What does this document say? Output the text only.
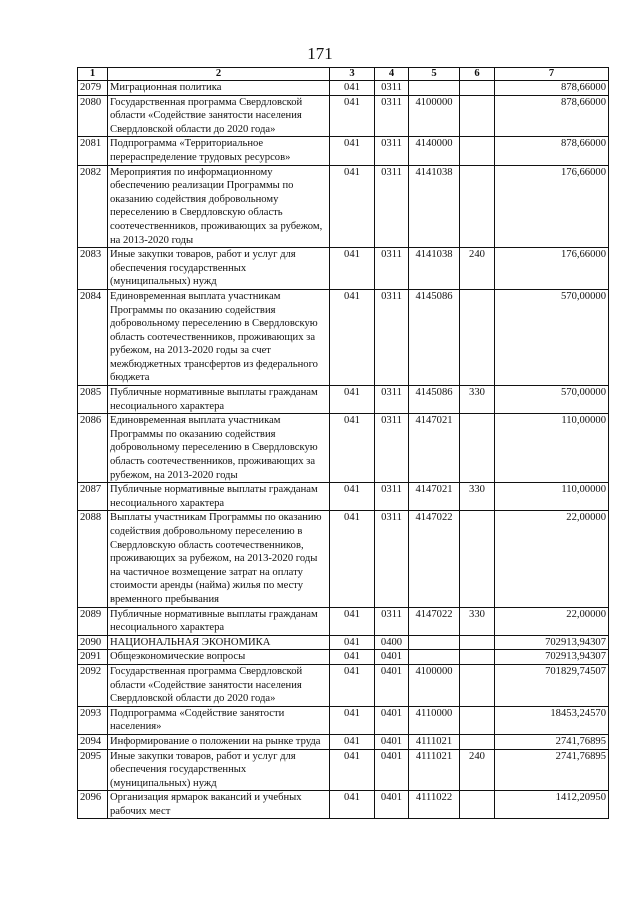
171
1	2	3	4	5	6	7
2079	Миграционная политика	041	0311			878,66000
2080	Государственная программа Свердловской области «Содействие занятости населения Свердловской области до 2020 года»	041	0311	4100000		878,66000
2081	Подпрограмма «Территориальное перераспределение трудовых ресурсов»	041	0311	4140000		878,66000
2082	Мероприятия по информационному обеспечению реализации Программы по оказанию содействия добровольному переселению в Свердловскую область соотечественников, проживающих за рубежом, на 2013-2020 годы	041	0311	4141038		176,66000
2083	Иные закупки товаров, работ и услуг для обеспечения государственных (муниципальных) нужд	041	0311	4141038	240	176,66000
2084	Единовременная выплата участникам Программы по оказанию содействия добровольному переселению в Свердловскую область соотечественников, проживающих за рубежом, на 2013-2020 годы за счет межбюджетных трансфертов из федерального бюджета	041	0311	4145086		570,00000
2085	Публичные нормативные выплаты гражданам несоциального характера	041	0311	4145086	330	570,00000
2086	Единовременная выплата участникам Программы по оказанию содействия добровольному переселению в Свердловскую область соотечественников, проживающих за рубежом, на 2013-2020 годы	041	0311	4147021		110,00000
2087	Публичные нормативные выплаты гражданам несоциального характера	041	0311	4147021	330	110,00000
2088	Выплаты участникам Программы по оказанию содействия добровольному переселению в Свердловскую область соотечественников, проживающих за рубежом, на 2013-2020 годы на частичное возмещение затрат на оплату стоимости аренды (найма) жилья по месту временного пребывания	041	0311	4147022		22,00000
2089	Публичные нормативные выплаты гражданам несоциального характера	041	0311	4147022	330	22,00000
2090	НАЦИОНАЛЬНАЯ ЭКОНОМИКА	041	0400			702913,94307
2091	Общеэкономические вопросы	041	0401			702913,94307
2092	Государственная программа Свердловской области «Содействие занятости населения Свердловской области до 2020 года»	041	0401	4100000		701829,74507
2093	Подпрограмма «Содействие занятости населения»	041	0401	4110000		18453,24570
2094	Информирование о положении на рынке труда	041	0401	4111021		2741,76895
2095	Иные закупки товаров, работ и услуг для обеспечения государственных (муниципальных) нужд	041	0401	4111021	240	2741,76895
2096	Организация ярмарок вакансий и учебных рабочих мест	041	0401	4111022		1412,20950
